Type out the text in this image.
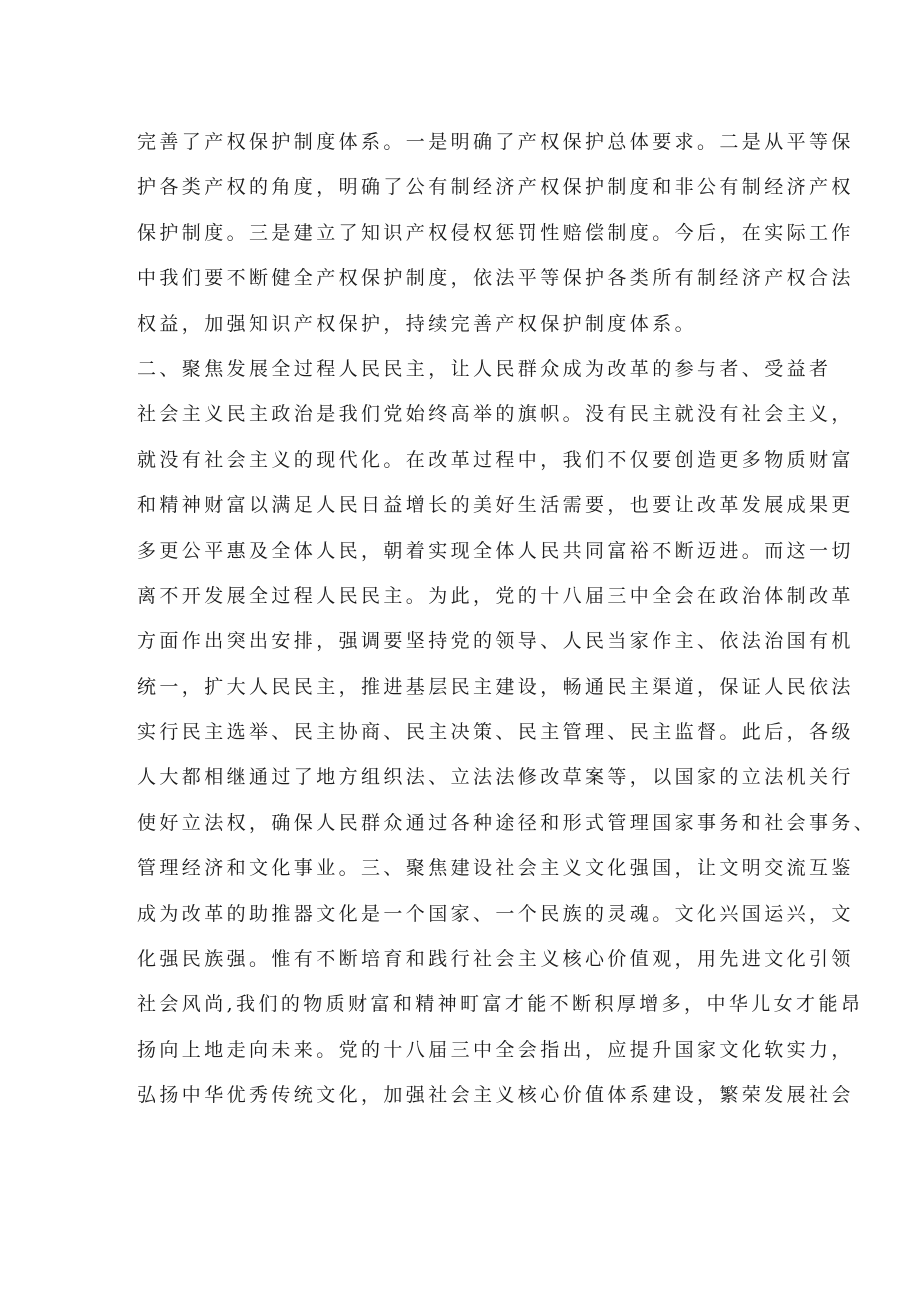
完善了产权保护制度体系。一是明确了产权保护总体要求。二是从平等保
护各类产权的角度，明确了公有制经济产权保护制度和非公有制经济产权
保护制度。三是建立了知识产权侵权惩罚性赔偿制度。今后，在实际工作
中我们要不断健全产权保护制度，依法平等保护各类所有制经济产权合法
权益，加强知识产权保护，持续完善产权保护制度体系。
二、聚焦发展全过程人民民主，让人民群众成为改革的参与者、受益者
社会主义民主政治是我们党始终高举的旗帜。没有民主就没有社会主义，
就没有社会主义的现代化。在改革过程中，我们不仅要创造更多物质财富
和精神财富以满足人民日益增长的美好生活需要，也要让改革发展成果更
多更公平惠及全体人民，朝着实现全体人民共同富裕不断迈进。而这一切
离不开发展全过程人民民主。为此，党的十八届三中全会在政治体制改革
方面作出突出安排，强调要坚持党的领导、人民当家作主、依法治国有机
统一，扩大人民民主，推进基层民主建设，畅通民主渠道，保证人民依法
实行民主选举、民主协商、民主决策、民主管理、民主监督。此后，各级
人大都相继通过了地方组织法、立法法修改草案等，以国家的立法机关行
使好立法权，确保人民群众通过各种途径和形式管理国家事务和社会事务、
管理经济和文化事业。三、聚焦建设社会主义文化强国，让文明交流互鉴
成为改革的助推器文化是一个国家、一个民族的灵魂。文化兴国运兴，文
化强民族强。惟有不断培育和践行社会主义核心价值观，用先进文化引领
社会风尚,我们的物质财富和精神町富才能不断积厚增多，中华儿女才能昂
扬向上地走向未来。党的十八届三中全会指出，应提升国家文化软实力，
弘扬中华优秀传统文化，加强社会主义核心价值体系建设，繁荣发展社会
